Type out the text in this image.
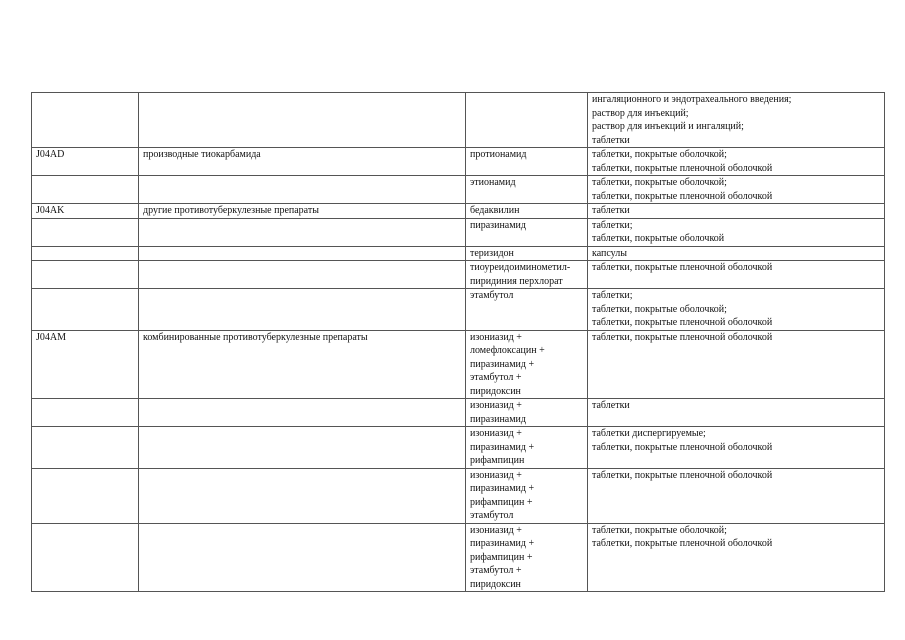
			ингаляционного и эндотрахеального введения;
раствор для инъекций;
раствор для инъекций и ингаляций;
таблетки
J04AD	производные тиокарбамида	протионамид	таблетки, покрытые оболочкой;
таблетки, покрытые пленочной оболочкой
		этионамид	таблетки, покрытые оболочкой;
таблетки, покрытые пленочной оболочкой
J04AK	другие противотуберкулезные препараты	бедаквилин	таблетки
		пиразинамид	таблетки;
таблетки, покрытые оболочкой
		теризидон	капсулы
		тиоуреидоиминометил-пиридиния перхлорат	таблетки, покрытые пленочной оболочкой
		этамбутол	таблетки;
таблетки, покрытые оболочкой;
таблетки, покрытые пленочной оболочкой
J04AM	комбинированные противотуберкулезные препараты	изониазид +
ломефлоксацин +
пиразинамид +
этамбутол +
пиридоксин	таблетки, покрытые пленочной оболочкой
		изониазид +
пиразинамид	таблетки
		изониазид +
пиразинамид +
рифампицин	таблетки диспергируемые;
таблетки, покрытые пленочной оболочкой
		изониазид +
пиразинамид +
рифампицин +
этамбутол	таблетки, покрытые пленочной оболочкой
		изониазид +
пиразинамид +
рифампицин +
этамбутол +
пиридоксин	таблетки, покрытые оболочкой;
таблетки, покрытые пленочной оболочкой
